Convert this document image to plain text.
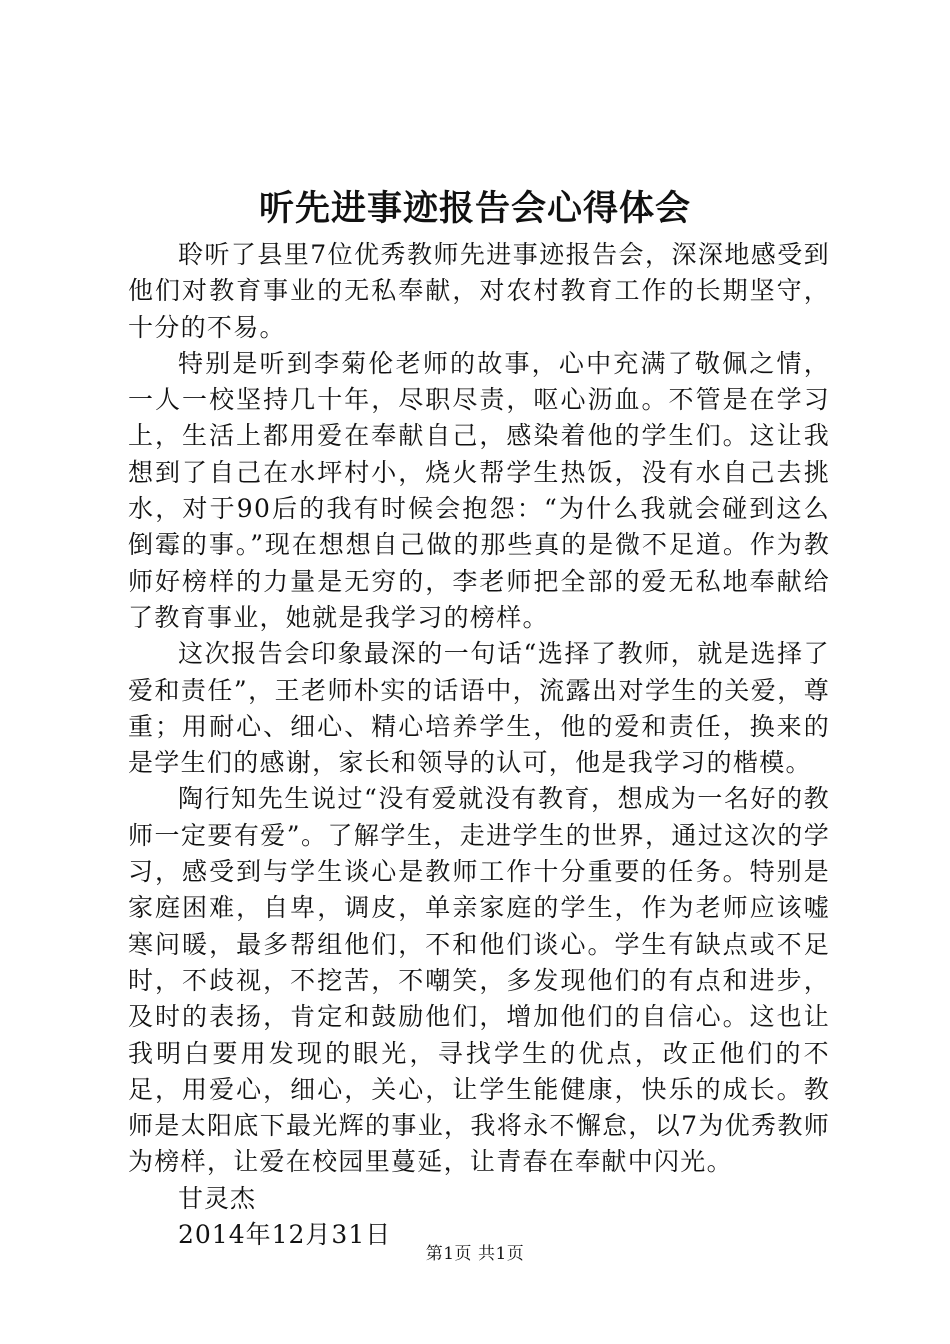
听先进事迹报告会心得体会

聆听了县里7位优秀教师先进事迹报告会，深深地感受到他们对教育事业的无私奉献，对农村教育工作的长期坚守，十分的不易。

特别是听到李菊伦老师的故事，心中充满了敬佩之情，一人一校坚持几十年，尽职尽责，呕心沥血。不管是在学习上，生活上都用爱在奉献自己，感染着他的学生们。这让我想到了自己在水坪村小，烧火帮学生热饭，没有水自己去挑水，对于90后的我有时候会抱怨：“为什么我就会碰到这么倒霉的事。”现在想想自己做的那些真的是微不足道。作为教师好榜样的力量是无穷的，李老师把全部的爱无私地奉献给了教育事业，她就是我学习的榜样。

这次报告会印象最深的一句话“选择了教师，就是选择了爱和责任”，王老师朴实的话语中，流露出对学生的关爱，尊重；用耐心、细心、精心培养学生，他的爱和责任，换来的是学生们的感谢，家长和领导的认可，他是我学习的楷模。

陶行知先生说过“没有爱就没有教育，想成为一名好的教师一定要有爱”。了解学生，走进学生的世界，通过这次的学习，感受到与学生谈心是教师工作十分重要的任务。特别是家庭困难，自卑，调皮，单亲家庭的学生，作为老师应该嘘寒问暖，最多帮组他们，不和他们谈心。学生有缺点或不足时，不歧视，不挖苦，不嘲笑，多发现他们的有点和进步，及时的表扬，肯定和鼓励他们，增加他们的自信心。这也让我明白要用发现的眼光，寻找学生的优点，改正他们的不足，用爱心，细心，关心，让学生能健康，快乐的成长。教师是太阳底下最光辉的事业，我将永不懈怠，以7为优秀教师为榜样，让爱在校园里蔓延，让青春在奉献中闪光。

甘灵杰

2014年12月31日

第1页 共1页
